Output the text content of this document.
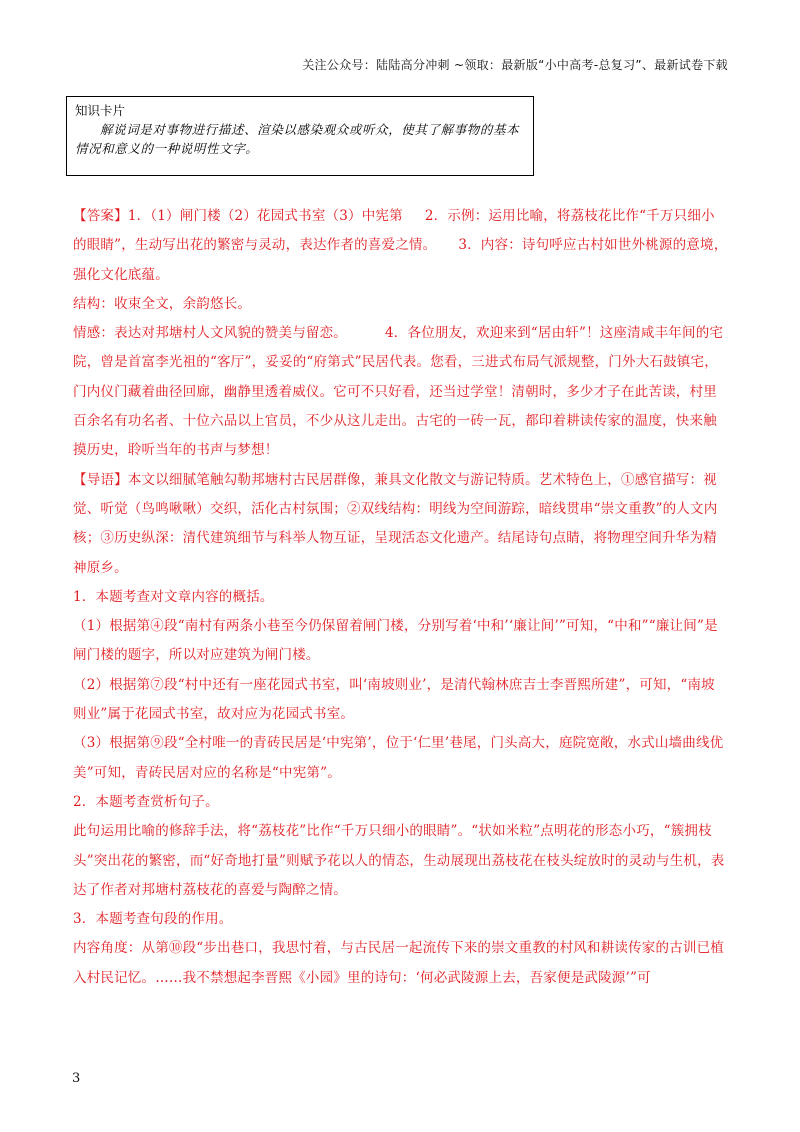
关注公众号：陆陆高分冲刺 ~领取：最新版“小中高考-总复习”、最新试卷下载
知识卡片
解说词是对事物进行描述、渲染以感染观众或听众，使其了解事物的基本情况和意义的一种说明性文字。

【答案】1．（1）闸门楼（2）花园式书室（3）中宪第 2．示例：运用比喻，将荔枝花比作“千万只细小的眼睛”，生动写出花的繁密与灵动，表达作者的喜爱之情。 3．内容：诗句呼应古村如世外桃源的意境，强化文化底蕴。

结构：收束全文，余韵悠长。

情感：表达对邦塘村人文风貌的赞美与留恋。	4．各位朋友，欢迎来到“居由轩”！这座清咸丰年间的宅院，曾是首富李光祖的“客厅”，妥妥的“府第式”民居代表。您看，三进式布局气派规整，门外大石鼓镇宅，门内仪门藏着曲径回廊，幽静里透着威仪。它可不只好看，还当过学堂！清朝时，多少才子在此苦读，村里百余名有功名者、十位六品以上官员，不少从这儿走出。古宅的一砖一瓦，都印着耕读传家的温度，快来触摸历史，聆听当年的书声与梦想！

【导语】本文以细腻笔触勾勒邦塘村古民居群像，兼具文化散文与游记特质。艺术特色上，①感官描写：视觉、听觉（鸟鸣啾啾）交织，活化古村氛围；②双线结构：明线为空间游踪，暗线贯串“崇文重教”的人文内核；③历史纵深：清代建筑细节与科举人物互证，呈现活态文化遗产。结尾诗句点睛，将物理空间升华为精神原乡。

1．本题考查对文章内容的概括。

（1）根据第④段“南村有两条小巷至今仍保留着闸门楼，分别写着‘中和’‘廉让间’”可知，“中和”“廉让间”是闸门楼的题字，所以对应建筑为闸门楼。

（2）根据第⑦段“村中还有一座花园式书室，叫‘南坡则业’，是清代翰林庶吉士李晋熙所建”，可知，“南坡则业”属于花园式书室，故对应为花园式书室。

（3）根据第⑨段“全村唯一的青砖民居是‘中宪第’，位于‘仁里’巷尾，门头高大，庭院宽敞，水式山墙曲线优美”可知，青砖民居对应的名称是“中宪第”。

2．本题考查赏析句子。

此句运用比喻的修辞手法，将“荔枝花”比作“千万只细小的眼睛”。“状如米粒”点明花的形态小巧，“簇拥枝头”突出花的繁密，而“好奇地打量”则赋予花以人的情态，生动展现出荔枝花在枝头绽放时的灵动与生机，表达了作者对邦塘村荔枝花的喜爱与陶醉之情。

3．本题考查句段的作用。

内容角度：从第⑩段“步出巷口，我思忖着，与古民居一起流传下来的崇文重教的村风和耕读传家的古训已植入村民记忆。……我不禁想起李晋熙《小园》里的诗句：‘何必武陵源上去，吾家便是武陵源’”可

3
